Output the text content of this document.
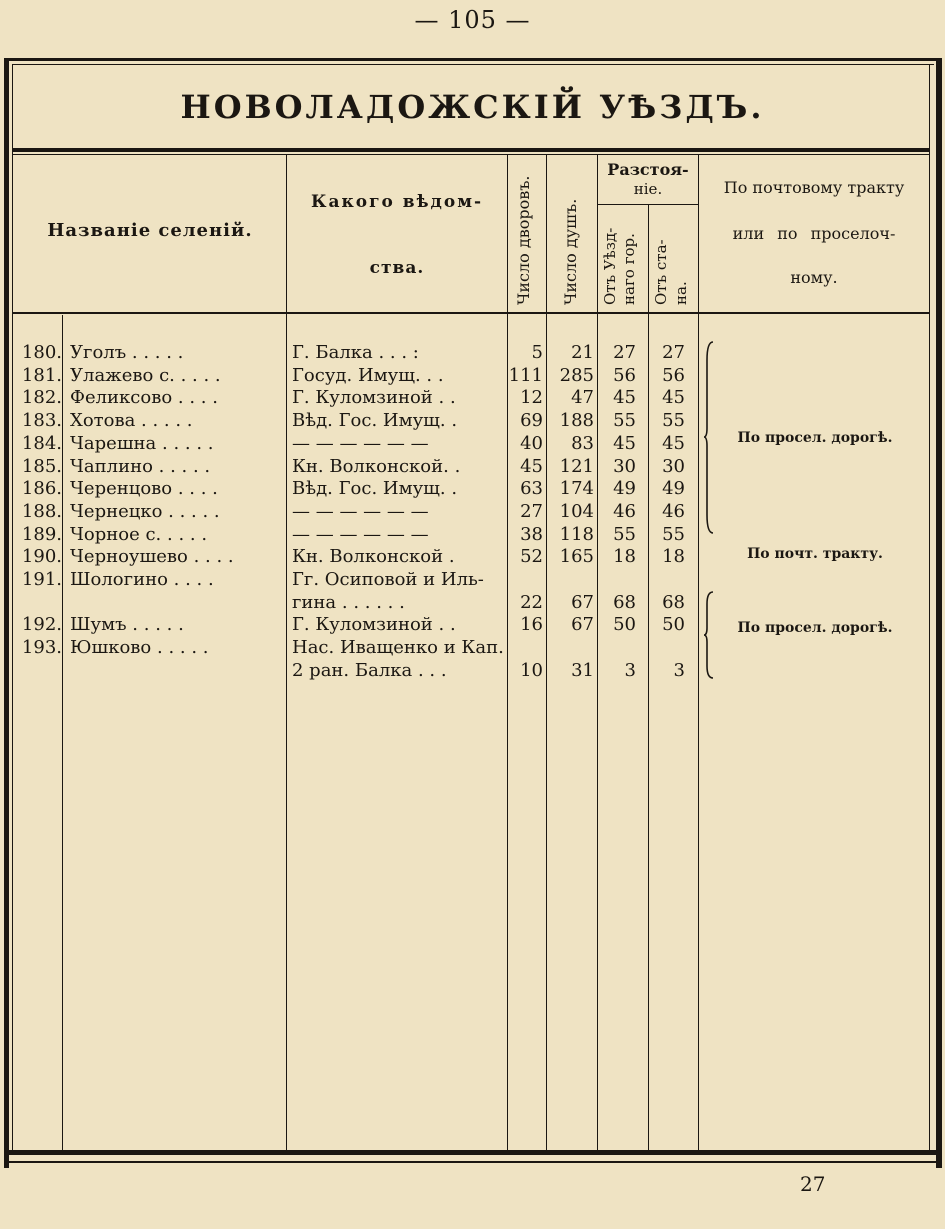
— 105 —
НОВОЛАДОЖСКІЙ УѢЗДЪ.
Названіе селеній.
Какого вѣдом-
ства.	Число дворовъ. Число душъ.
Разстоя-
ніе.
Отъ Уѣзд- наго гор. Отъ ста- на.
По почтовому тракту
или по проселоч-
ному.
180. Уголъ . . . . .	Г. Балка . . . :	5	21	27	27
181. Улажево с. . . . .	Госуд. Имущ. . .	111 285	56	56
182. Феликсово . . . .	Г. Куломзиной . .	12	47	45	45
183. Хотова . . . . .	Вѣд. Гос. Имущ. .	69 188	55	55
184. Чарешна . . . . .	— — — — — —	40	83	45	45
185. Чаплино . . . . .	Кн. Волконской. .	45 121	30	30
186. Черенцово . . . .	Вѣд. Гос. Имущ. .	63 174	49	49
188. Чернецко . . . . .	— — — — — —	27 104	46	46
189. Чорное с. . . . .	— — — — — —	38 118	55	55
190. Черноушево . . . .	Кн. Волконской .	52 165	18	18
191. Шологино . . . .	Гг. Осиповой и Иль-
гина . . . . . .	22	67	68	68
192. Шумъ . . . . .	Г. Куломзиной . .	16	67	50	50
193. Юшково . . . . .	Нас. Иващенко и Кап.
2 ран. Балка . . .	10	31	3	3
По просел. дорогѣ.
По почт. тракту.
По просел. дорогѣ.
27
